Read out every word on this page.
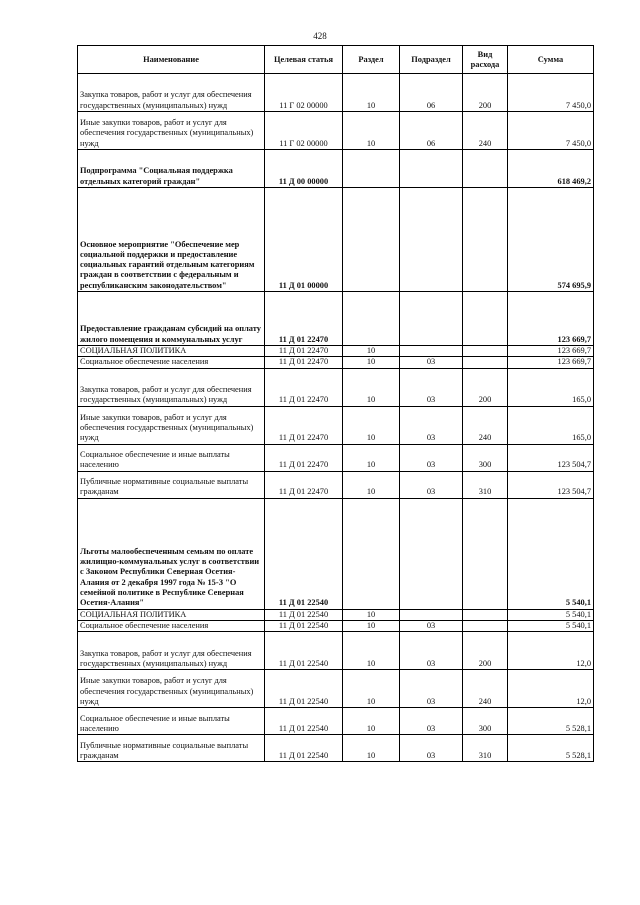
428
Наименование	Целевая статья	Раздел	Подраздел	Вид расхода	Сумма
Закупка товаров, работ и услуг для обеспечения государственных (муниципальных) нужд	11 Г 02 00000	10	06	200	7 450,0
Иные закупки товаров, работ и услуг для обеспечения государственных (муниципальных) нужд	11 Г 02 00000	10	06	240	7 450,0
Подпрограмма "Социальная поддержка отдельных категорий граждан"	11 Д 00 00000				618 469,2
Основное мероприятие "Обеспечение мер социальной поддержки и предоставление социальных гарантий отдельным категориям граждан в соответствии с федеральным и республиканским законодательством"	11 Д 01 00000				574 695,9
Предоставление гражданам субсидий на оплату жилого помещения и коммунальных услуг	11 Д 01 22470				123 669,7
СОЦИАЛЬНАЯ ПОЛИТИКА	11 Д 01 22470	10			123 669,7
Социальное обеспечение населения	11 Д 01 22470	10	03		123 669,7
Закупка товаров, работ и услуг для обеспечения государственных (муниципальных) нужд	11 Д 01 22470	10	03	200	165,0
Иные закупки товаров, работ и услуг для обеспечения государственных (муниципальных) нужд	11 Д 01 22470	10	03	240	165,0
Социальное обеспечение и иные выплаты населению	11 Д 01 22470	10	03	300	123 504,7
Публичные нормативные социальные выплаты гражданам	11 Д 01 22470	10	03	310	123 504,7
Льготы малообеспеченным семьям по оплате жилищно-коммунальных услуг в соответствии с Законом Республики Северная Осетия-Алания от 2 декабря 1997 года № 15-З "О семейной политике в Республике Северная Осетия-Алания"	11 Д 01 22540				5 540,1
СОЦИАЛЬНАЯ ПОЛИТИКА	11 Д 01 22540	10			5 540,1
Социальное обеспечение населения	11 Д 01 22540	10	03		5 540,1
Закупка товаров, работ и услуг для обеспечения государственных (муниципальных) нужд	11 Д 01 22540	10	03	200	12,0
Иные закупки товаров, работ и услуг для обеспечения государственных (муниципальных) нужд	11 Д 01 22540	10	03	240	12,0
Социальное обеспечение и иные выплаты населению	11 Д 01 22540	10	03	300	5 528,1
Публичные нормативные социальные выплаты гражданам	11 Д 01 22540	10	03	310	5 528,1
